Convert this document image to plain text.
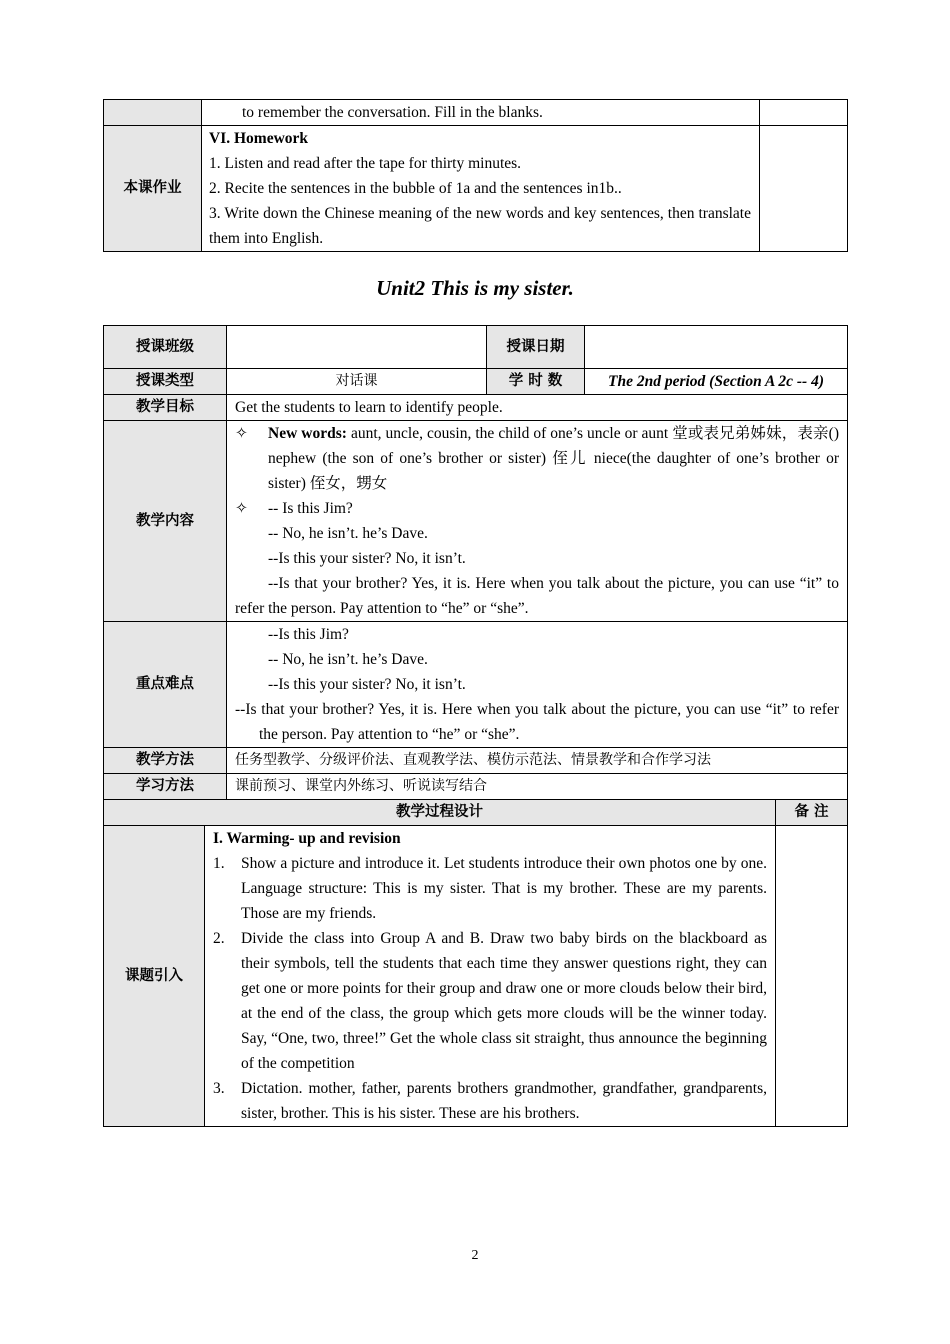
	to remember the conversation. Fill in the blanks.	
本课作业	VI. Homework
1. Listen and read after the tape for thirty minutes.
2. Recite the sentences in the bubble of 1a and the sentences in1b..
3. Write down the Chinese meaning of the new words and key sentences, then translate them into English.	

Unit2 This is my sister.
授课班级			授课日期		
授课类型		对话课	学 时 数	The 2nd period (Section A 2c -- 4)	
教学目标		Get the students to learn to identify people.			
教学内容		✧ New words: aunt, uncle, cousin, the child of one’s uncle or aunt 堂或表兄弟姊妹，表亲() nephew (the son of one’s brother or sister) 侄儿 niece(the daughter of one’s brother or sister) 侄女，甥女
✧ -- Is this Jim?
-- No, he isn’t. he’s Dave.
--Is this your sister? No, it isn’t.
--Is that your brother? Yes, it is. Here when you talk about the picture, you can use “it” to refer the person. Pay attention to “he” or “she”.			

重点难点		--Is this Jim?
-- No, he isn’t. he’s Dave.
--Is this your sister? No, it isn’t.
--Is that your brother? Yes, it is. Here when you talk about the picture, you can use “it” to refer the person. Pay attention to “he” or “she”.			

教学方法		任务型教学、分级评价法、直观教学法、模仿示范法、情景教学和合作学习法			
学习方法		课前预习、课堂内外练习、听说读写结合			
教学过程设计					备 注
课题引入	I. Warming- up and revision
1. Show a picture and introduce it. Let students introduce their own photos one by one. Language structure: This is my sister. That is my brother. These are my parents. Those are my friends.
2. Divide the class into Group A and B. Draw two baby birds on the blackboard as their symbols, tell the students that each time they answer questions right, they can get one or more points for their group and draw one or more clouds below their bird, at the end of the class, the group which gets more clouds will be the winner today. Say, “One, two, three!” Get the whole class sit straight, thus announce the beginning of the competition
3. Dictation. mother, father, parents brothers grandmother, grandfather, grandparents, sister, brother. This is his sister. These are his brothers.				

2
